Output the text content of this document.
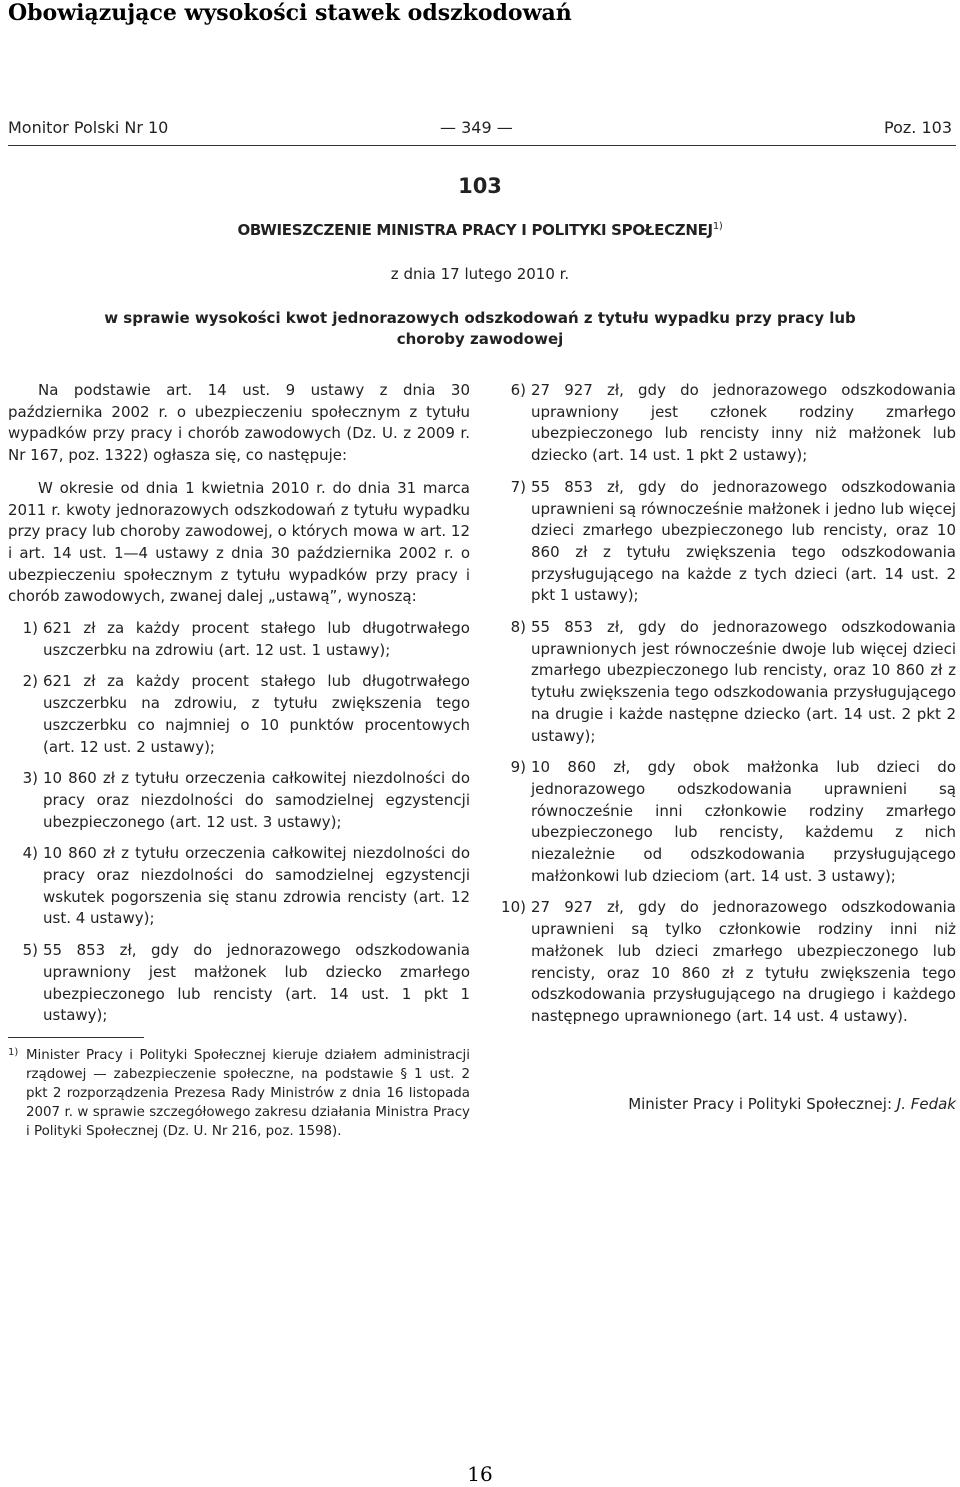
Obowiązujące wysokości stawek odszkodowań
Monitor Polski Nr 10	— 349 —	Poz. 103
103
OBWIESZCZENIE MINISTRA PRACY I POLITYKI SPOŁECZNEJ$^{1)}$
z dnia 17 lutego 2010 r.
w sprawie wysokości kwot jednorazowych odszkodowań z tytułu wypadku przy pracy lub choroby zawodowej

Na podstawie art. 14 ust. 9 ustawy z dnia 30 października 2002 r. o ubezpieczeniu społecznym z tytułu wypadków przy pracy i chorób zawodowych (Dz. U. z 2009 r. Nr 167, poz. 1322) ogłasza się, co następuje:

W okresie od dnia 1 kwietnia 2010 r. do dnia 31 marca 2011 r. kwoty jednorazowych odszkodowań z tytułu wypadku przy pracy lub choroby zawodowej, o których mowa w art. 12 i art. 14 ust. 1—4 ustawy z dnia 30 października 2002 r. o ubezpieczeniu społecznym z tytułu wypadków przy pracy i chorób zawodowych, zwanej dalej „ustawą”, wynoszą:

1) 621 zł za każdy procent stałego lub długotrwałego uszczerbku na zdrowiu (art. 12 ust. 1 ustawy);
2) 621 zł za każdy procent stałego lub długotrwałego uszczerbku na zdrowiu, z tytułu zwiększenia tego uszczerbku co najmniej o 10 punktów procentowych (art. 12 ust. 2 ustawy);
3) 10 860 zł z tytułu orzeczenia całkowitej niezdolności do pracy oraz niezdolności do samodzielnej egzystencji ubezpieczonego (art. 12 ust. 3 ustawy);
4) 10 860 zł z tytułu orzeczenia całkowitej niezdolności do pracy oraz niezdolności do samodzielnej egzystencji wskutek pogorszenia się stanu zdrowia rencisty (art. 12 ust. 4 ustawy);
5) 55 853 zł, gdy do jednorazowego odszkodowania uprawniony jest małżonek lub dziecko zmarłego ubezpieczonego lub rencisty (art. 14 ust. 1 pkt 1 ustawy);
1) Minister Pracy i Polityki Społecznej kieruje działem administracji rządowej — zabezpieczenie społeczne, na podstawie § 1 ust. 2 pkt 2 rozporządzenia Prezesa Rady Ministrów z dnia 16 listopada 2007 r. w sprawie szczegółowego zakresu działania Ministra Pracy i Polityki Społecznej (Dz. U. Nr 216, poz. 1598).
6) 27 927 zł, gdy do jednorazowego odszkodowania uprawniony jest członek rodziny zmarłego ubezpieczonego lub rencisty inny niż małżonek lub dziecko (art. 14 ust. 1 pkt 2 ustawy);
7) 55 853 zł, gdy do jednorazowego odszkodowania uprawnieni są równocześnie małżonek i jedno lub więcej dzieci zmarłego ubezpieczonego lub rencisty, oraz 10 860 zł z tytułu zwiększenia tego odszkodowania przysługującego na każde z tych dzieci (art. 14 ust. 2 pkt 1 ustawy);
8) 55 853 zł, gdy do jednorazowego odszkodowania uprawnionych jest równocześnie dwoje lub więcej dzieci zmarłego ubezpieczonego lub rencisty, oraz 10 860 zł z tytułu zwiększenia tego odszkodowania przysługującego na drugie i każde następne dziecko (art. 14 ust. 2 pkt 2 ustawy);
9) 10 860 zł, gdy obok małżonka lub dzieci do jednorazowego odszkodowania uprawnieni są równocześnie inni członkowie rodziny zmarłego ubezpieczonego lub rencisty, każdemu z nich niezależnie od odszkodowania przysługującego małżonkowi lub dzieciom (art. 14 ust. 3 ustawy);
10) 27 927 zł, gdy do jednorazowego odszkodowania uprawnieni są tylko członkowie rodziny inni niż małżonek lub dzieci zmarłego ubezpieczonego lub rencisty, oraz 10 860 zł z tytułu zwiększenia tego odszkodowania przysługującego na drugiego i każdego następnego uprawnionego (art. 14 ust. 4 ustawy).
Minister Pracy i Polityki Społecznej: J. Fedak
16
